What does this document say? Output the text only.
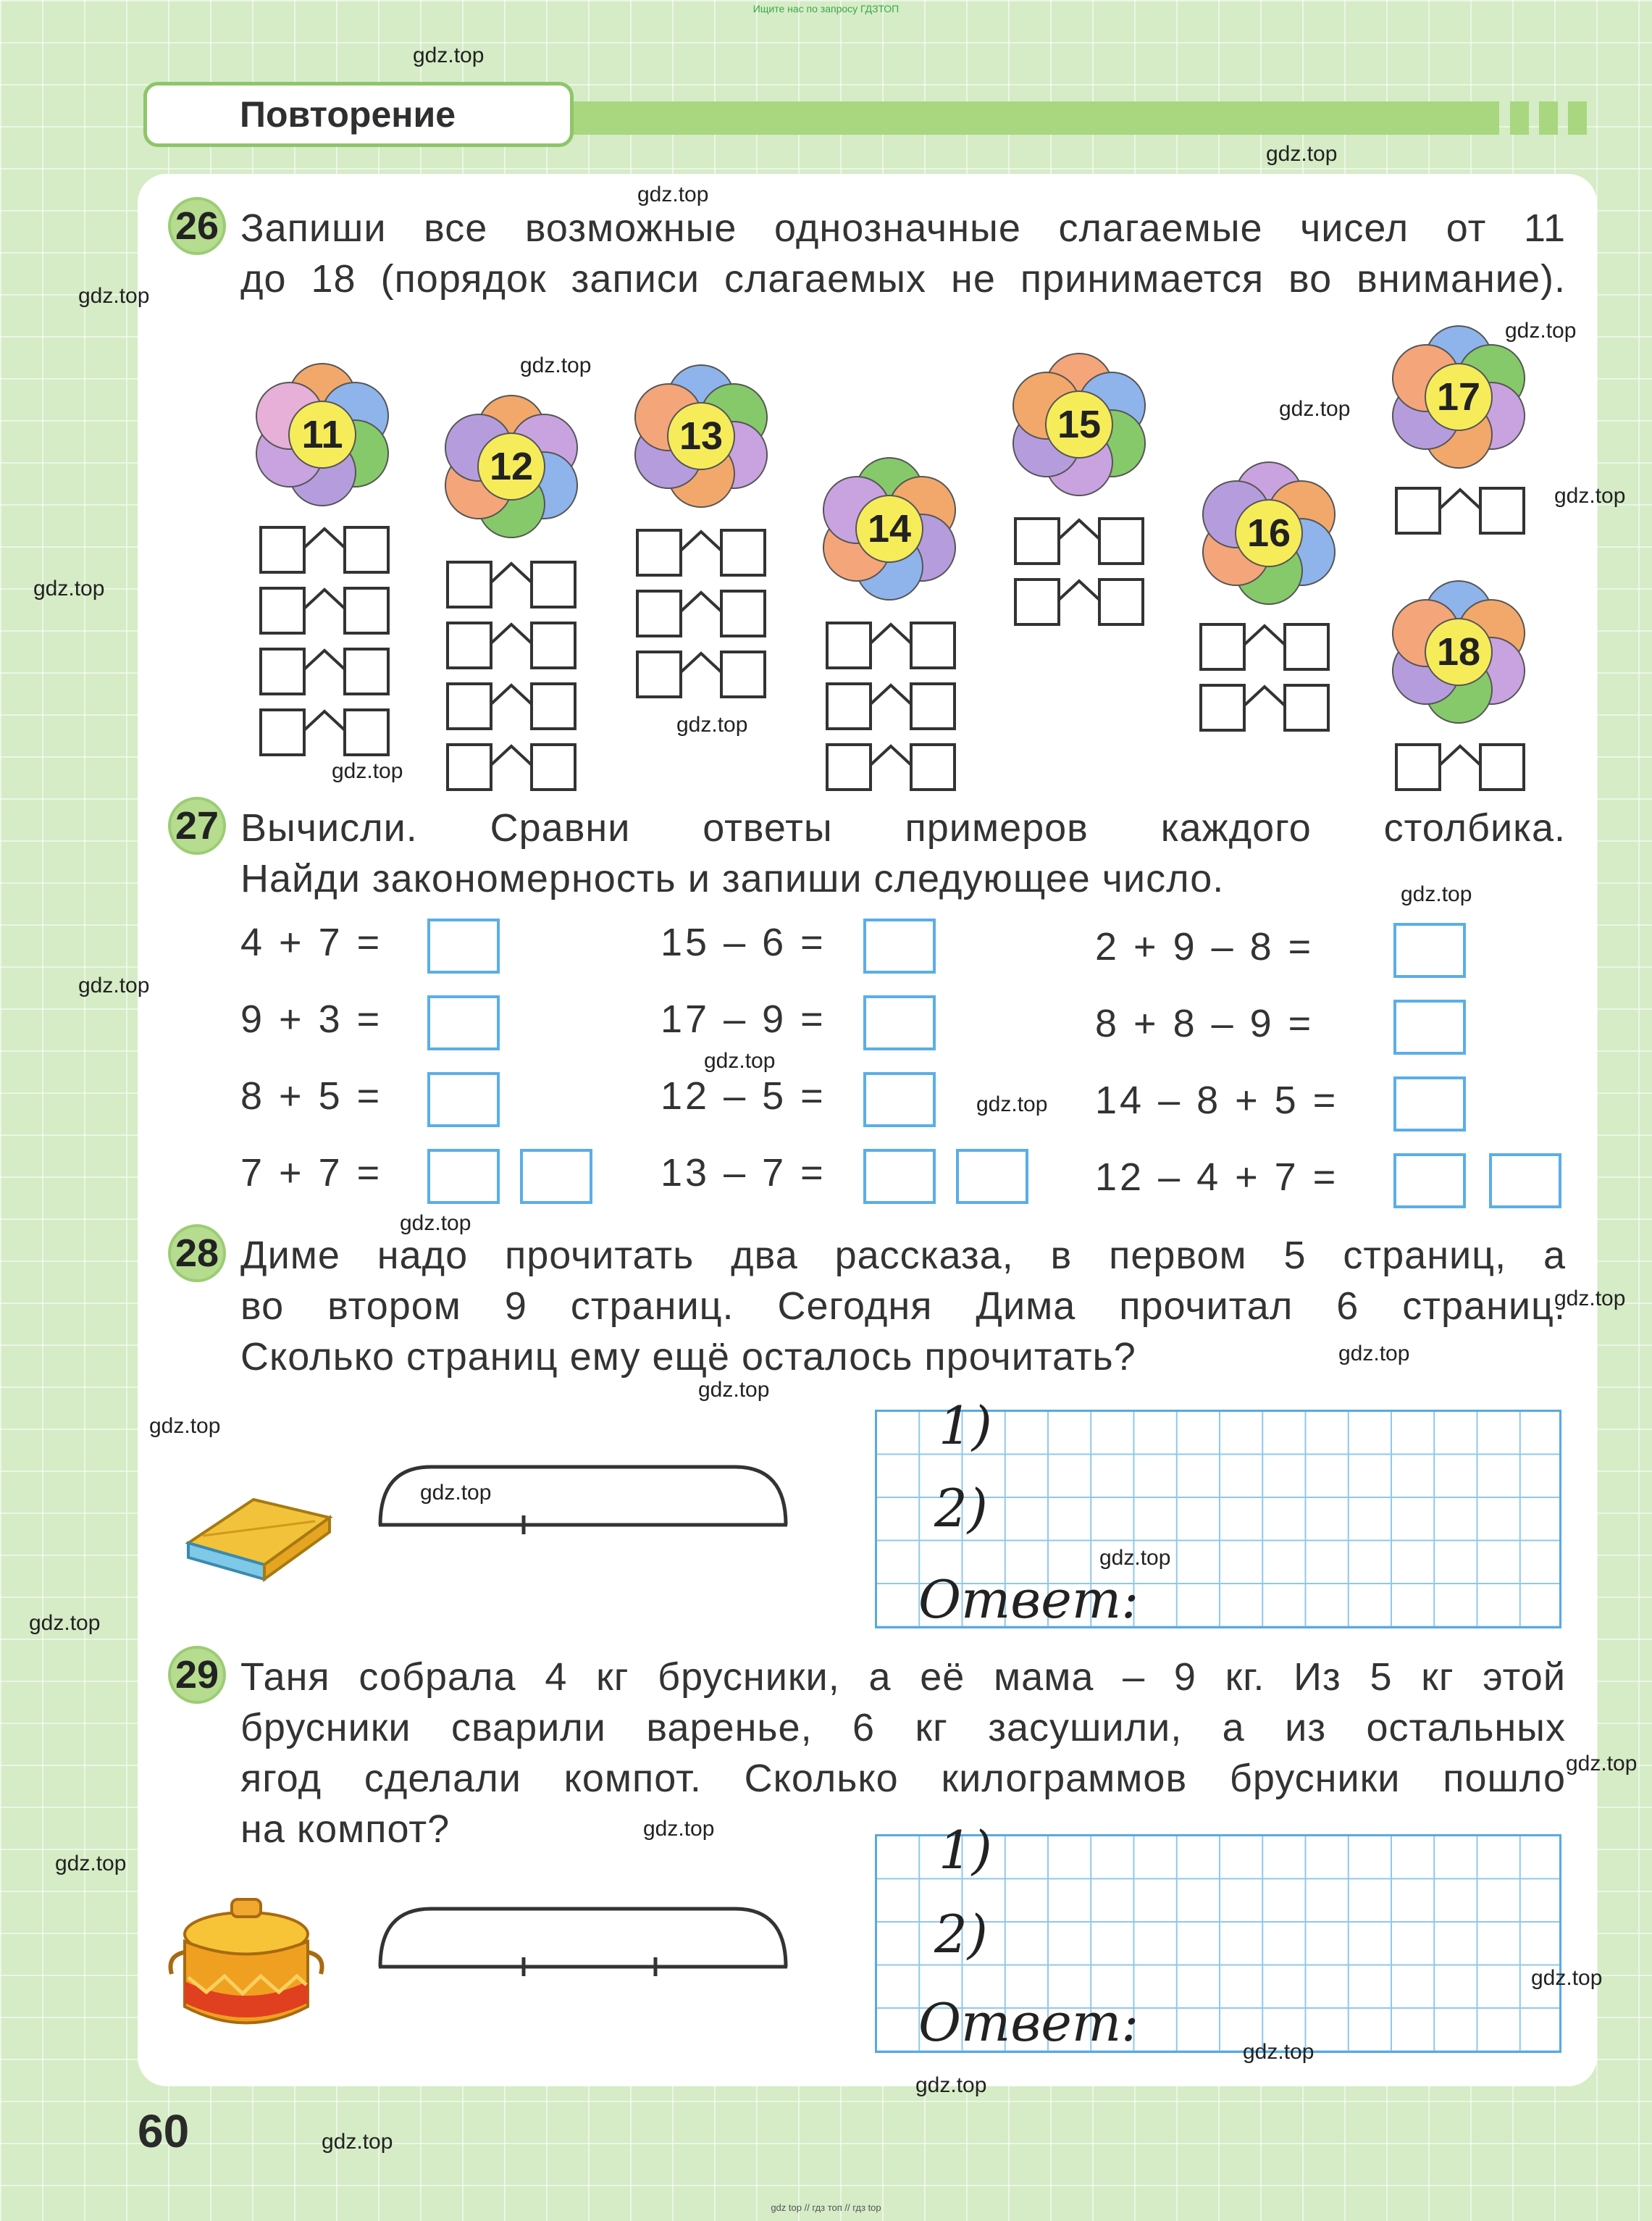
Ищите нас по запросу ГДЗТОП
gdz top // гдз топ // гдз top
Повторение
26 Запиши все возможные однозначные слагаемые чисел от 11
до 18 (порядок записи слагаемых не принимается во внимание).
11
12
13
14
15
16
17
18
27 Вычисли. Сравни ответы примеров каждого столбика.
Найди закономерность и запиши следующее число.
4 + 7 =
9 + 3 =
8 + 5 =
7 + 7 =
15 – 6 =
17 – 9 =
12 – 5 =
13 – 7 =
2 + 9 – 8 =
8 + 8 – 9 =
14 – 8 + 5 =
12 – 4 + 7 =
28 Диме надо прочитать два рассказа, в первом 5 страниц, а
во втором 9 страниц. Сегодня Дима прочитал 6 страниц.
Сколько страниц ему ещё осталось прочитать?
1)
2)
Ответ:
29 Таня собрала 4 кг брусники, а её мама – 9 кг. Из 5 кг этой
брусники сварили варенье, 6 кг засушили, а из остальных
ягод сделали компот. Сколько килограммов брусники пошло
на компот?	1)
2)
Ответ:
60
gdz.top
gdz.top
gdz.top
gdz.top
gdz.top
gdz.top
gdz.top
gdz.top
gdz.top
gdz.top
gdz.top
gdz.top
gdz.top
gdz.top
gdz.top
gdz.top
gdz.top
gdz.top
gdz.top
gdz.top
gdz.top
gdz.top
gdz.top
gdz.top
gdz.top
gdz.top
gdz.top
gdz.top
gdz.top
gdz.top
